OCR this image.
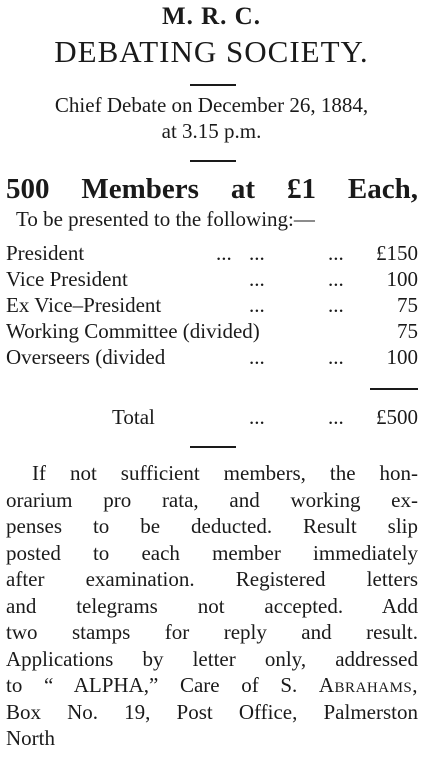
M. R. C.
DEBATING SOCIETY.
Chief Debate on December 26, 1884,
at 3.15 p.m.
500 Members at £1 Each,
To be presented to the following:—
President	... ...	... £150
Vice President	...	... 100
Ex Vice–President	...	...	75
Working Committee (divided)	75
Overseers (divided	...	... 100
Total	...	... £500
If not sufficient members, the hon-
orarium pro rata, and working ex-
penses to be deducted. Result slip
posted to each member immediately
after examination. Registered letters
and telegrams not accepted. Add
two stamps for reply and result.
Applications by letter only, addressed
to “ ALPHA,” Care of S. Abrahams,
Box No. 19, Post Office, Palmerston
North
